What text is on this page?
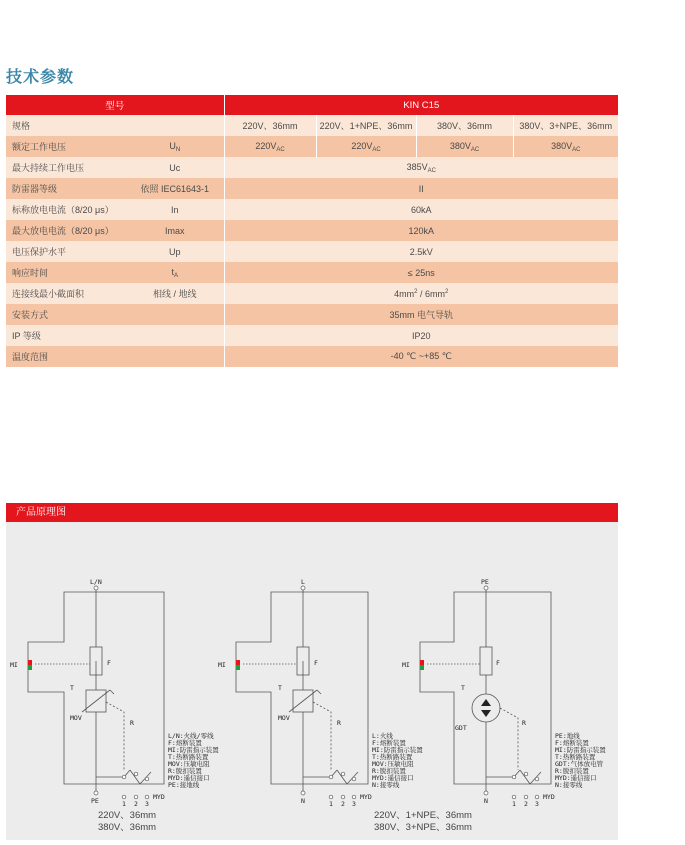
技术参数
型号		KIN C15			
规格		220V、36mm	220V、1+NPE、36mm	380V、36mm	380V、3+NPE、36mm
额定工作电压	$U_N$	$220V_{AC}$	$220V_{AC}$	$380V_{AC}$	$380V_{AC}$
最大持续工作电压	Uc	$385V_{AC}$
防雷器等级	依照 IEC61643-1	II			
标称放电电流（8/20 μs）	In	60kA			
最大放电电流（8/20 μs）	Imax	120kA			
电压保护水平	Up	2.5kV			
响应时间	$t_A$	≤ 25ns			
连接线最小截面积	相线 / 地线	$4mm^2 / 6mm^2$
安装方式		35mm 电气导轨			
IP 等级		IP20			
温度范围		-40 ℃ ~+85 ℃			
产品原理图
L/N
PE
MI	F
T
MOV
R
1 2 3
MYD
L/N:火线/零线
F:熔断装置
MI:防雷指示装置
T:热断路装置
MOV:压敏电阻
R:脱扣装置
MYD:遥信接口
PE:接地线
L
N
MI	F
T
MOV
R
1 2 3
MYD
L:火线
F:熔断装置
MI:防雷指示装置
T:热断路装置
MOV:压敏电阻
R:脱扣装置
MYD:遥信接口
N:接零线
PE
N
MI	F
T
GDT
R
1 2 3
MYD
PE:地线
F:熔断装置
MI:防雷指示装置
T:热断路装置
GDT:气体放电管
R:脱扣装置
MYD:遥信接口
N:接零线
220V、36mm
380V、36mm
220V、1+NPE、36mm
380V、3+NPE、36mm
